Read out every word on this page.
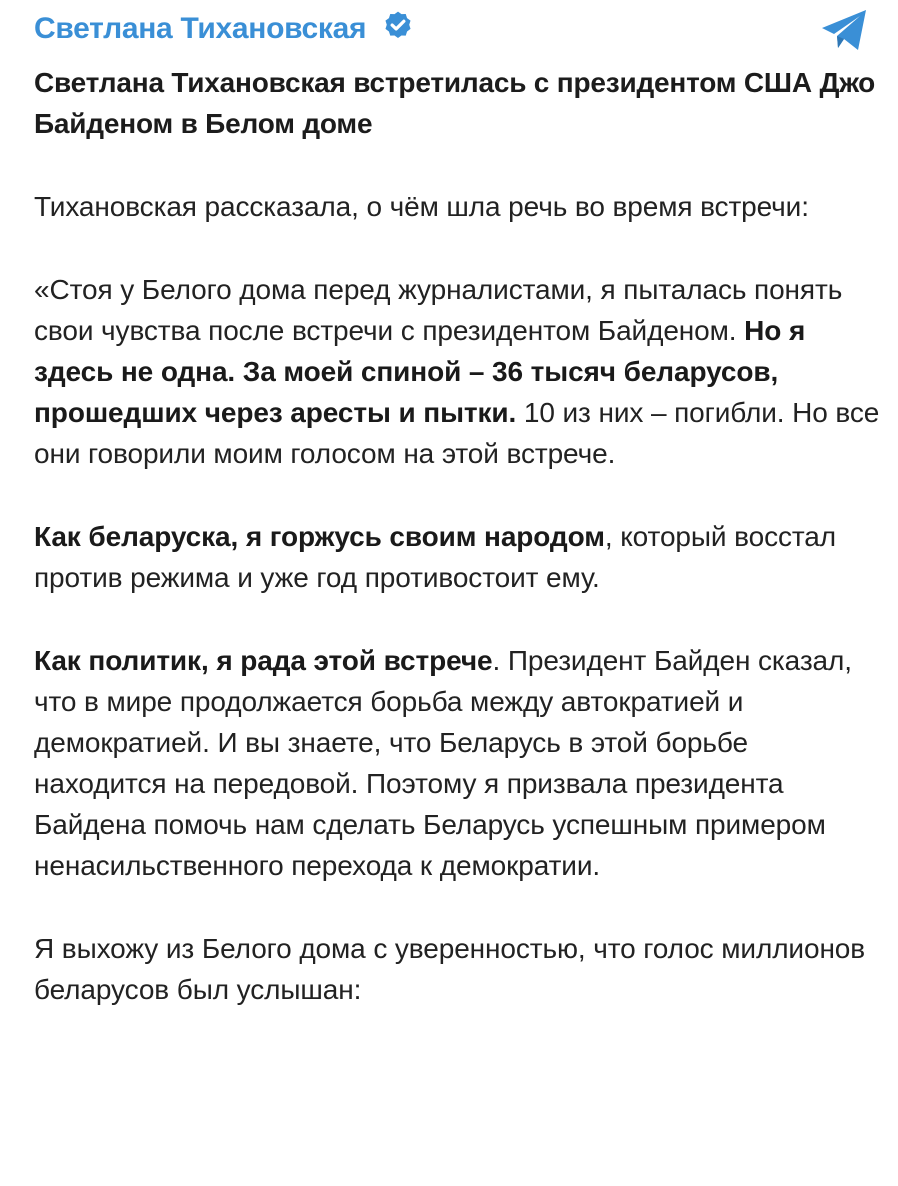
Светлана Тихановская
Светлана Тихановская встретилась с президентом США Джо Байденом в Белом доме

Тихановская рассказала, о чём шла речь во время встречи:

«Стоя у Белого дома перед журналистами, я пыталась понять свои чувства после встречи с президентом Байденом. Но я здесь не одна. За моей спиной – 36 тысяч беларусов, прошедших через аресты и пытки. 10 из них – погибли. Но все они говорили моим голосом на этой встрече.

Как беларуска, я горжусь своим народом, который восстал против режима и уже год противостоит ему.

Как политик, я рада этой встрече. Президент Байден сказал, что в мире продолжается борьба между автократией и демократией. И вы знаете, что Беларусь в этой борьбе находится на передовой. Поэтому я призвала президента Байдена помочь нам сделать Беларусь успешным примером ненасильственного перехода к демократии.

Я выхожу из Белого дома с уверенностью, что голос миллионов беларусов был услышан:
